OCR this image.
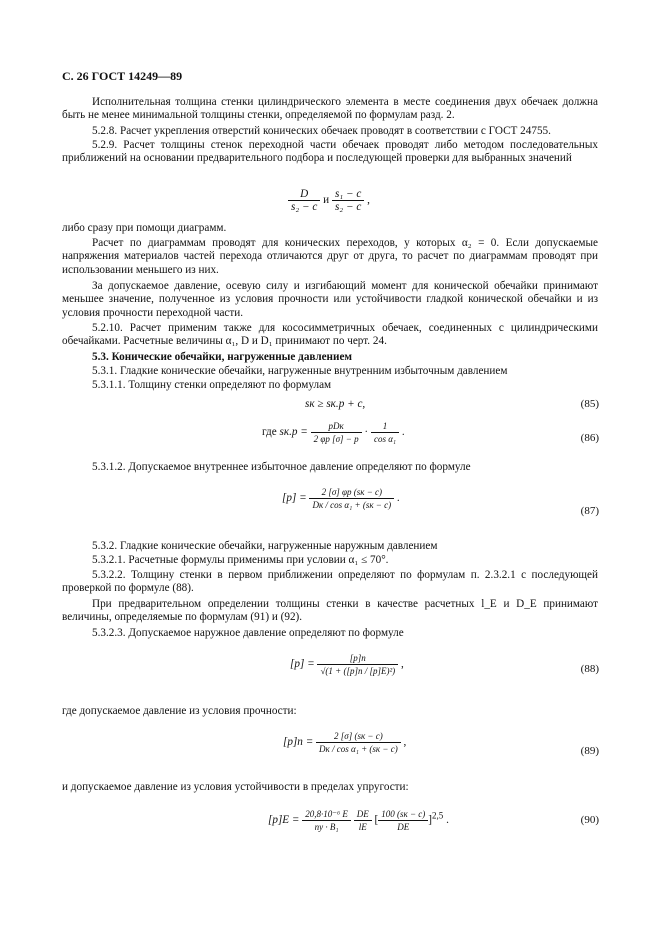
С. 26 ГОСТ 14249—89
Исполнительная толщина стенки цилиндрического элемента в месте соединения двух обечаек должна быть не менее минимальной толщины стенки, определяемой по формулам разд. 2.
5.2.8. Расчет укрепления отверстий конических обечаек проводят в соответствии с ГОСТ 24755.
5.2.9. Расчет толщины стенок переходной части обечаек проводят либо методом последовательных приближений на основании предварительного подбора и последующей проверки для выбранных значений
$\frac{D}{\text{s₂ − c}}$ и $\frac{\text{s₁ − c}}{\text{s₂ − c}}$ ,
либо сразу при помощи диаграмм.
Расчет по диаграммам проводят для конических переходов, у которых α₂ = 0. Если допускаемые напряжения материалов частей перехода отличаются друг от друга, то расчет по диаграммам проводят при использовании меньшего из них.
За допускаемое давление, осевую силу и изгибающий момент для конической обечайки принимают меньшее значение, полученное из условия прочности или устойчивости гладкой конической обечайки и из условия прочности переходной части.
5.2.10. Расчет применим также для кососимметричных обечаек, соединенных с цилиндрическими обечайками. Расчетные величины α₁, D и D₁ принимают по черт. 24.
5.3. Конические обечайки, нагруженные давлением
5.3.1. Гладкие конические обечайки, нагруженные внутренним избыточным давлением
5.3.1.1. Толщину стенки определяют по формулам
sк ≥ sк.р + c,	(85)
где $sк.р = \frac{\text{pDк}}{2 \varphi р [\sigma] - p} \cdot \frac{1}{\text{cos α₁}}$ .	(86)
5.3.1.2. Допускаемое внутреннее избыточное давление определяют по формуле
$[p] = \frac{2 [\sigma] \varphi р (sк - c)}{\text{Dк / cos α₁ + (sк − c)}}$ .
(87)
5.3.2. Гладкие конические обечайки, нагруженные наружным давлением
5.3.2.1. Расчетные формулы применимы при условии α₁ ≤ 70°.
5.3.2.2. Толщину стенки в первом приближении определяют по формулам п. 2.3.2.1 с последующей проверкой по формуле (88).
При предварительном определении толщины стенки в качестве расчетных l_E и D_E принимают величины, определяемые по формулам (91) и (92).
5.3.2.3. Допускаемое наружное давление определяют по формуле
$[p] = \frac{[p]п}{\text{√(1 + ([p]п / [p]E)²)}}$ ,	(88)
где допускаемое давление из условия прочности:
$[p]п = \frac{2 [\sigma] (sк - c)}{\text{Dк / cos α₁ + (sк − c)}}$ ,
(89)
и допускаемое давление из условия устойчивости в пределах упругости:
$[p]E = \frac{\text{20,8·10⁻⁶ E}}{\text{ny · B₁}}$
$\frac{DE}{lE}$ [ $\frac{100 (sк - c)}{DE} ]^{2,5}$ .	(90)
